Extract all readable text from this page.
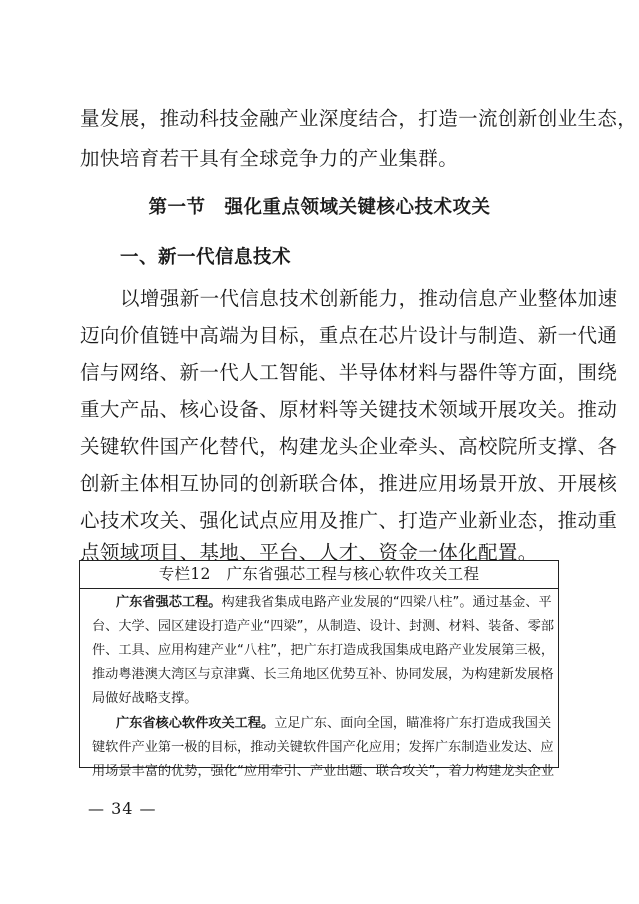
量发展，推动科技金融产业深度结合，打造一流创新创业生态，
加快培育若干具有全球竞争力的产业集群。
第一节　强化重点领域关键核心技术攻关
一、新一代信息技术
以增强新一代信息技术创新能力，推动信息产业整体加速
迈向价值链中高端为目标，重点在芯片设计与制造、新一代通
信与网络、新一代人工智能、半导体材料与器件等方面，围绕
重大产品、核心设备、原材料等关键技术领域开展攻关。推动
关键软件国产化替代，构建龙头企业牵头、高校院所支撑、各
创新主体相互协同的创新联合体，推进应用场景开放、开展核
心技术攻关、强化试点应用及推广、打造产业新业态，推动重
点领域项目、基地、平台、人才、资金一体化配置。
专栏12　广东省强芯工程与核心软件攻关工程
广东省强芯工程。构建我省集成电路产业发展的“四梁八柱”。通过基金、平
台、大学、园区建设打造产业“四梁”，从制造、设计、封测、材料、装备、零部
件、工具、应用构建产业“八柱”，把广东打造成我国集成电路产业发展第三极，
推动粤港澳大湾区与京津冀、长三角地区优势互补、协同发展，为构建新发展格
局做好战略支撑。
广东省核心软件攻关工程。立足广东、面向全国，瞄准将广东打造成我国关
键软件产业第一极的目标，推动关键软件国产化应用；发挥广东制造业发达、应
用场景丰富的优势，强化“应用牵引、产业出题、联合攻关”，着力构建龙头企业
— 34 —
